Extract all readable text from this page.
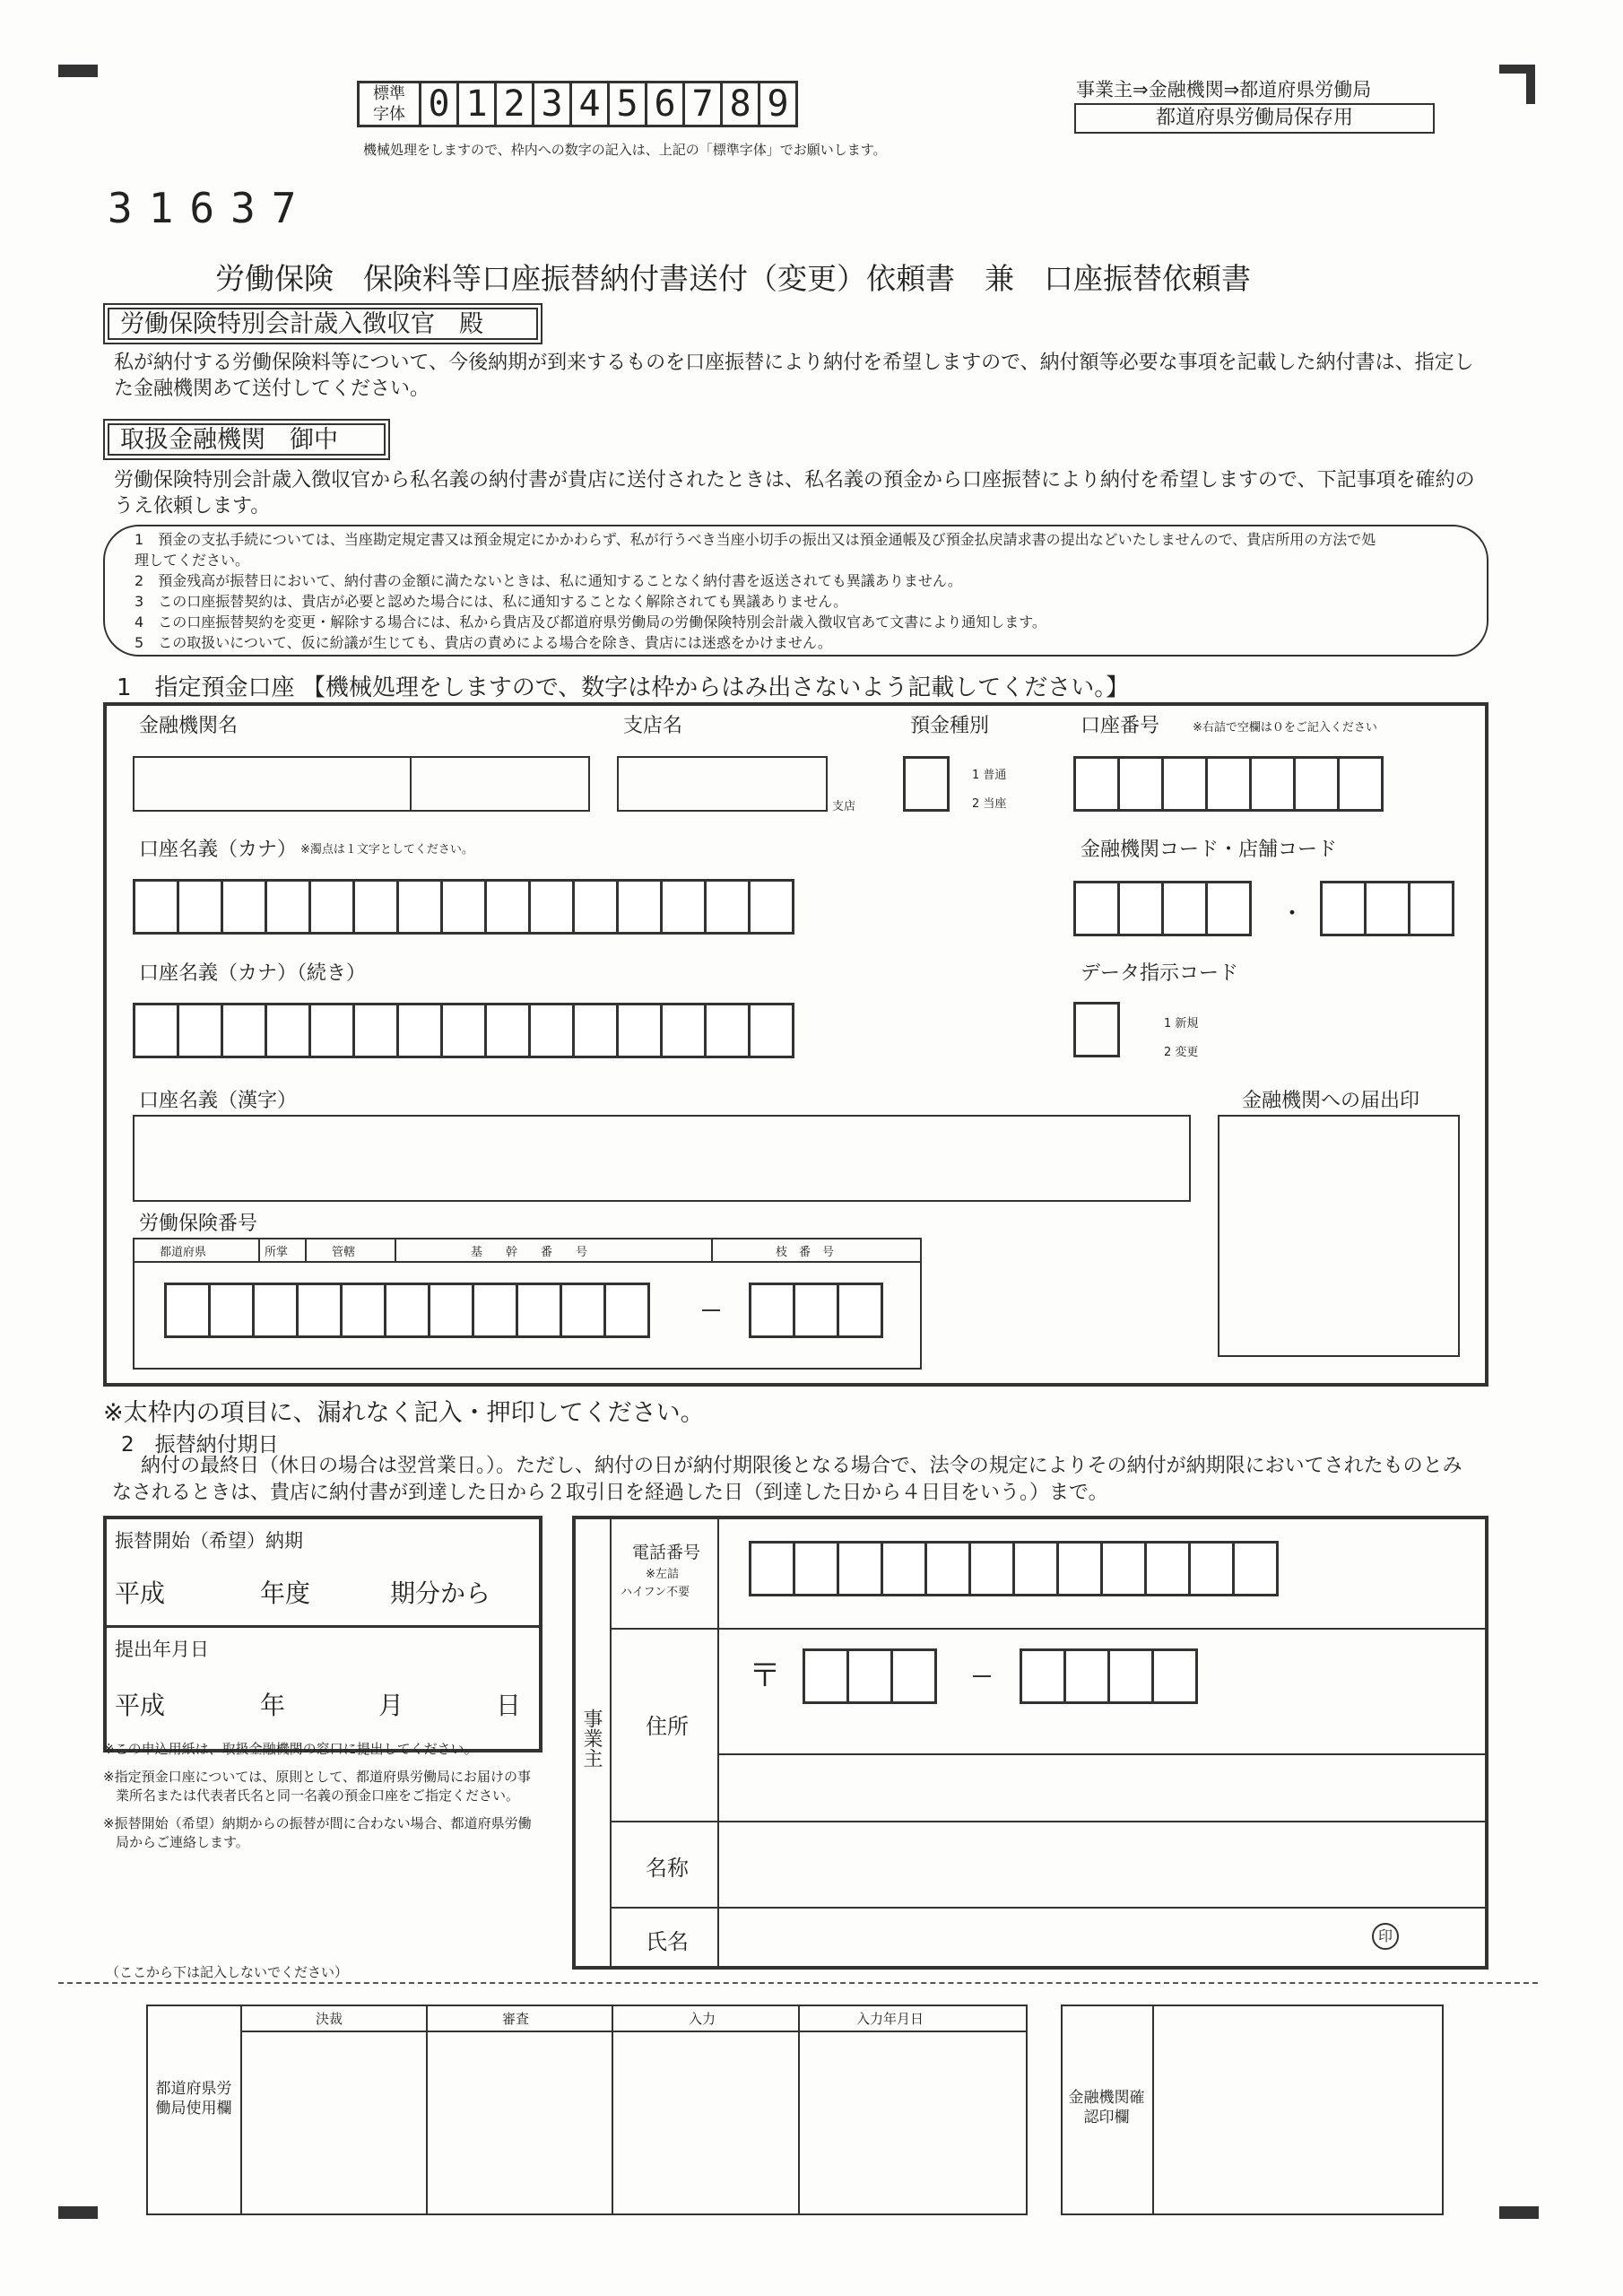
標準
字体 0 1 2 3 4 5 6 7 8 9
機械処理をしますので、枠内への数字の記入は、上記の「標準字体」でお願いします。
事業主⇒金融機関⇒都道府県労働局
都道府県労働局保存用
31637
労働保険　保険料等口座振替納付書送付（変更）依頼書　兼　口座振替依頼書
労働保険特別会計歳入徴収官　殿
私が納付する労働保険料等について、今後納期が到来するものを口座振替により納付を希望しますので、納付額等必要な事項を記載した納付書は、指定した金融機関あて送付してください。
取扱金融機関　御中
労働保険特別会計歳入徴収官から私名義の納付書が貴店に送付されたときは、私名義の預金から口座振替により納付を希望しますので、下記事項を確約のうえ依頼します。
1　 預金の支払手続については、当座勘定規定書又は預金規定にかかわらず、私が行うべき当座小切手の振出又は預金通帳及び預金払戻請求書の提出などいたしませんので、貴店所用の方法で処理してください。
2　 預金残高が振替日において、納付書の金額に満たないときは、私に通知することなく納付書を返送されても異議ありません。
3　 この口座振替契約は、貴店が必要と認めた場合には、私に通知することなく解除されても異議ありません。
4　 この口座振替契約を変更・解除する場合には、私から貴店及び都道府県労働局の労働保険特別会計歳入徴収官あて文書により通知します。
5　 この取扱いについて、仮に紛議が生じても、貴店の責めによる場合を除き、貴店には迷惑をかけません。
1　指定預金口座 【機械処理をしますので、数字は枠からはみ出さないよう記載してください。】
金融機関名	支店名
支店
預金種別
1 普通
2 当座
口座番号	※右詰で空欄は０をご記入ください
口座名義（カナ） ※濁点は１文字としてください。	金融機関コード・店舗コード
・
口座名義（カナ）（続き）	データ指示コード
1 新規
2 変更
口座名義（漢字）	金融機関への届出印
労働保険番号
都道府県	所掌	管轄	基　　幹　　番　　号	枝　番　号
※太枠内の項目に、漏れなく記入・押印してください。
2　振替納付期日
納付の最終日（休日の場合は翌営業日。）。ただし、納付の日が納付期限後となる場合で、法令の規定によりその納付が納期限においてされたものとみなされるときは、貴店に納付書が到達した日から２取引日を経過した日（到達した日から４日目をいう。）まで。
振替開始（希望）納期
平成	年度	期分から
提出年月日
平成	年	月	日
※この申込用紙は、取扱金融機関の窓口に提出してください。
※指定預金口座については、原則として、都道府県労働局にお届けの事業所名または代表者氏名と同一名義の預金口座をご指定ください。
※振替開始（希望）納期からの振替が間に合わない場合、都道府県労働局からご連絡します。
事業主
電話番号
※左詰
ハイフン不要
住所
〒
名称
氏名	印
（ここから下は記入しないでください）
都道府県労働局使用欄
決裁	審査	入力	入力年月日
金融機関確認印欄
